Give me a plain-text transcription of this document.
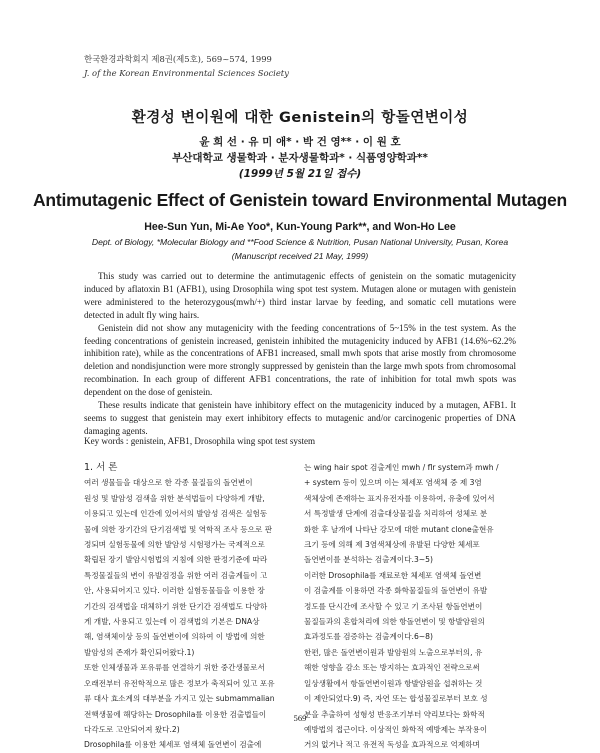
한국환경과학회지 제8권(제5호), 569~574, 1999
J. of the Korean Environmental Sciences Society
환경성 변이원에 대한 Genistein의 항돌연변이성
윤 희 선 · 유 미 애* · 박 건 영** · 이 원 호
부산대학교 생물학과 · 분자생물학과* · 식품영양학과**
(1999년 5월 21일 접수)
Antimutagenic Effect of Genistein toward Environmental Mutagen
Hee-Sun Yun, Mi-Ae Yoo*, Kun-Young Park**, and Won-Ho Lee
Dept. of Biology, *Molecular Biology and **Food Science & Nutrition, Pusan National University, Pusan, Korea
(Manuscript received 21 May, 1999)

This study was carried out to determine the antimutagenic effects of genistein on the somatic mutagenicity induced by aflatoxin B1 (AFB1), using Drosophila wing spot test system. Mutagen alone or mutagen with genistein were administered to the heterozygous(mwh/+) third instar larvae by feeding, and somatic cell mutations were detected in adult fly wing hairs.

Genistein did not show any mutagenicity with the feeding concentrations of 5~15% in the test system. As the feeding concentrations of genistein increased, genistein inhibited the mutagenicity induced by AFB1 (14.6%~62.2% inhibition rate), while as the concentrations of AFB1 increased, small mwh spots that arise mostly from chromosome deletion and nondisjunction were more strongly suppressed by genistein than the large mwh spots from chromosomal recombination. In each group of different AFB1 concentrations, the rate of inhibition for total mwh spots was dependent on the dose of genistein.

These results indicate that genistein have inhibitory effect on the mutagenicity induced by a mutagen, AFB1. It seems to suggest that genistein may exert inhibitory effects to mutagenic and/or carcinogenic properties of DNA damaging agents.

Key words : genistein, AFB1, Drosophila wing spot test system
1. 서 론
여러 생물들을 대상으로 한 각종 물질들의 돌연변이
원성 및 발암성 검색을 위한 분석법들이 다양하게 개발,
이용되고 있는데 인간에 있어서의 발암성 검색은 실험동
물에 의한 장기간의 단기검색법 및 역학적 조사 등으로 판
정되며 실험동물에 의한 발암성 시험평가는 국제적으로
확립된 장기 발암시험법의 지침에 의한 판정기준에 따라
특정물질들의 변이 유발검정을 위한 여러 검출계들이 고
안, 사용되어지고 있다. 이러한 실험동물들을 이용한 장
기간의 검색법을 대체하기 위한 단기간 검색법도 다양하
게 개발, 사용되고 있는데 이 검색법의 기본은 DNA상
해, 염색체이상 등의 돌연변이에 의하여 이 방법에 의한
발암성의 존재가 확인되어왔다.1)
또한 인체생물과 포유류를 연결하기 위한 중간생물로서
오래전부터 유전학적으로 많은 정보가 축적되어 있고 포유
류 대사 효소계의 대부분을 가지고 있는 submammalian
전핵생물에 해당하는 Drosophila를 이용한 검출법들이
다각도로 고안되어져 왔다.2)
Drosophila를 이용한 체세포 염색체 돌연변이 검출에
는 wing hair spot 검출계인 mwh / flr system과 mwh /
+ system 등이 있으며 이는 체세포 염색체 중 제 3염
색체상에 존재하는 표지유전자를 이용하여, 유충에 있어서
서 특정발생 단계에 검출대상물질을 처리하여 성체로 분
화한 후 날개에 나타난 강모에 대한 mutant clone출현유
크기 등에 의해 제 3염색체상에 유발된 다양한 체세포
돌연변이를 분석하는 검출계이다.3~5)
이러한 Drosophila를 재료로한 체세포 염색체 돌연변
이 검출계를 이용하면 각종 화학물질들의 돌연변이 유발
정도를 단시간에 조사할 수 있고 기 조사된 항돌연변이
물질들과의 혼합처리에 의한 항돌연변이 및 항발암원의
효과정도를 검증하는 검출계이다.6~8)
한편, 많은 돌연변이원과 발암원의 노출으로부터의, 유
해한 영향을 감소 또는 방지하는 효과적인 전략으로써
일상생활에서 항돌연변이원과 항발암원을 섭취하는 것
이 제안되었다.9) 즉, 자연 또는 합성물질로부터 보호 성
분을 추출하여 성형성 반응조기부터 약리보다는 화학적
예방법의 접근이다. 이상적인 화학적 예방제는 부작용이
거의 없거나 적고 유전적 독성을 효과적으로 억제하며
569
